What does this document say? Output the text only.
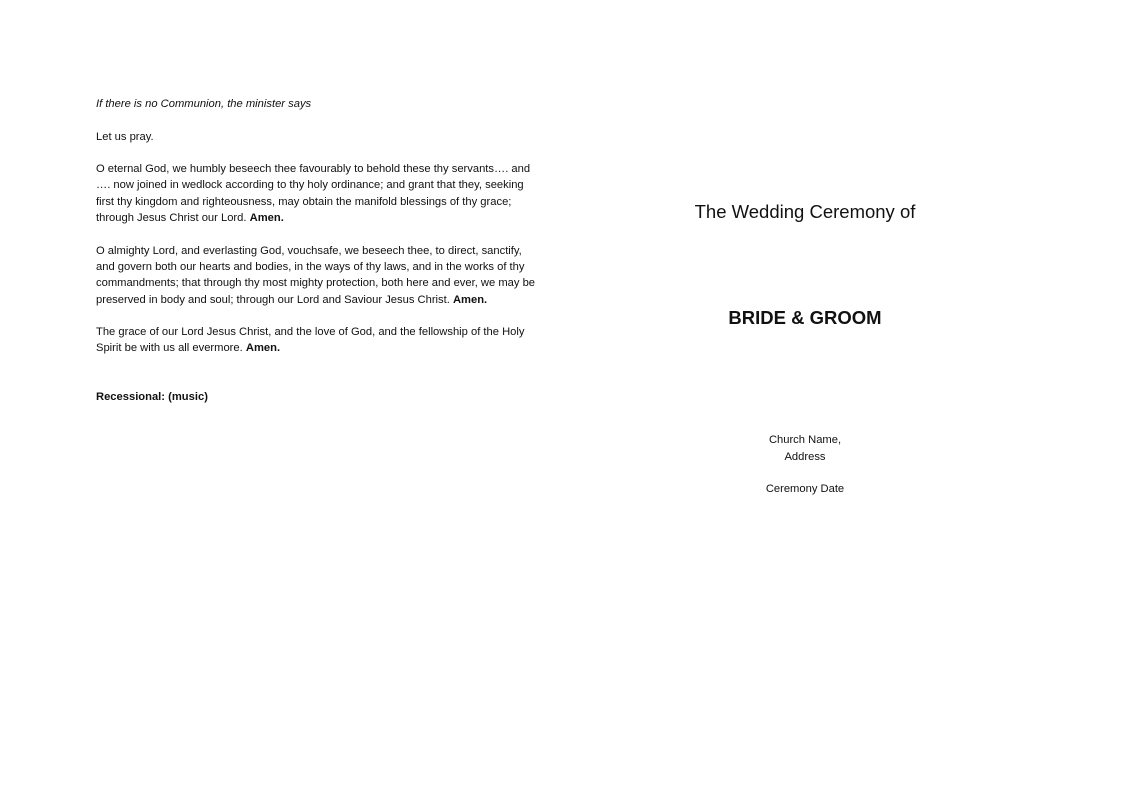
If there is no Communion, the minister says

Let us pray.

O eternal God, we humbly beseech thee favourably to behold these thy servants…. and …. now joined in wedlock according to thy holy ordinance; and grant that they, seeking first thy kingdom and righteousness, may obtain the manifold blessings of thy grace; through Jesus Christ our Lord. Amen.

O almighty Lord, and everlasting God, vouchsafe, we beseech thee, to direct, sanctify, and govern both our hearts and bodies, in the ways of thy laws, and in the works of thy commandments; that through thy most mighty protection, both here and ever, we may be preserved in body and soul; through our Lord and Saviour Jesus Christ. Amen.

The grace of our Lord Jesus Christ, and the love of God, and the fellowship of the Holy Spirit be with us all evermore. Amen.

Recessional: (music)

The Wedding Ceremony of
BRIDE & GROOM
Church Name,
Address
Ceremony Date
